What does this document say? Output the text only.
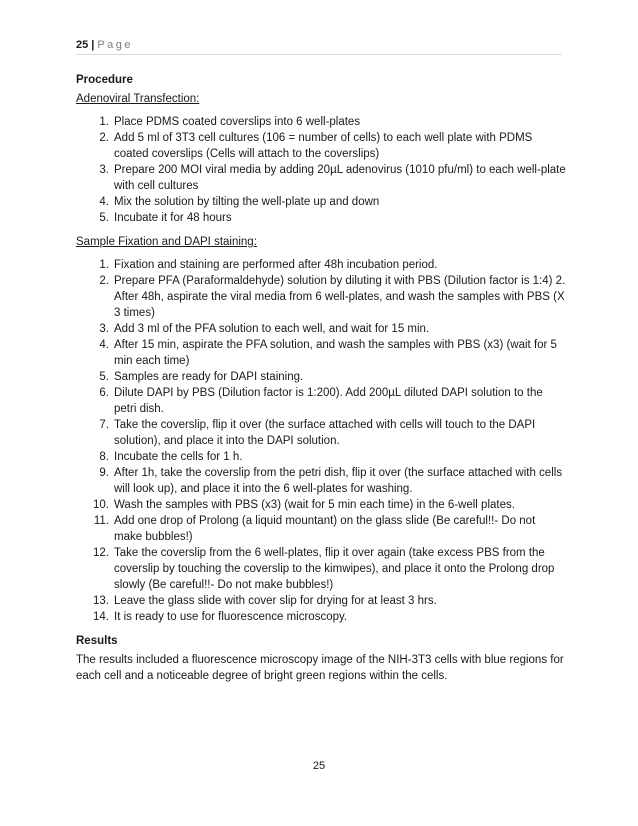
25 | Page
Procedure
Adenoviral Transfection:
1. Place PDMS coated coverslips into 6 well-plates
2. Add 5 ml of 3T3 cell cultures (106 = number of cells) to each well plate with PDMS coated coverslips (Cells will attach to the coverslips)
3. Prepare 200 MOI viral media by adding 20µL adenovirus (1010 pfu/ml) to each well-plate with cell cultures
4. Mix the solution by tilting the well-plate up and down
5. Incubate it for 48 hours
Sample Fixation and DAPI staining:
1. Fixation and staining are performed after 48h incubation period.
2. Prepare PFA (Paraformaldehyde) solution by diluting it with PBS (Dilution factor is 1:4) 2. After 48h, aspirate the viral media from 6 well-plates, and wash the samples with PBS (X 3 times)
3. Add 3 ml of the PFA solution to each well, and wait for 15 min.
4. After 15 min, aspirate the PFA solution, and wash the samples with PBS (x3) (wait for 5 min each time)
5. Samples are ready for DAPI staining.
6. Dilute DAPI by PBS (Dilution factor is 1:200). Add 200µL diluted DAPI solution to the petri dish.
7. Take the coverslip, flip it over (the surface attached with cells will touch to the DAPI solution), and place it into the DAPI solution.
8. Incubate the cells for 1 h.
9. After 1h, take the coverslip from the petri dish, flip it over (the surface attached with cells will look up), and place it into the 6 well-plates for washing.
10. Wash the samples with PBS (x3) (wait for 5 min each time) in the 6-well plates.
11. Add one drop of Prolong (a liquid mountant) on the glass slide (Be careful!!- Do not make bubbles!)
12. Take the coverslip from the 6 well-plates, flip it over again (take excess PBS from the coverslip by touching the coverslip to the kimwipes), and place it onto the Prolong drop slowly (Be careful!!- Do not make bubbles!)
13. Leave the glass slide with cover slip for drying for at least 3 hrs.
14. It is ready to use for fluorescence microscopy.
Results
The results included a fluorescence microscopy image of the NIH-3T3 cells with blue regions for each cell and a noticeable degree of bright green regions within the cells.
25
